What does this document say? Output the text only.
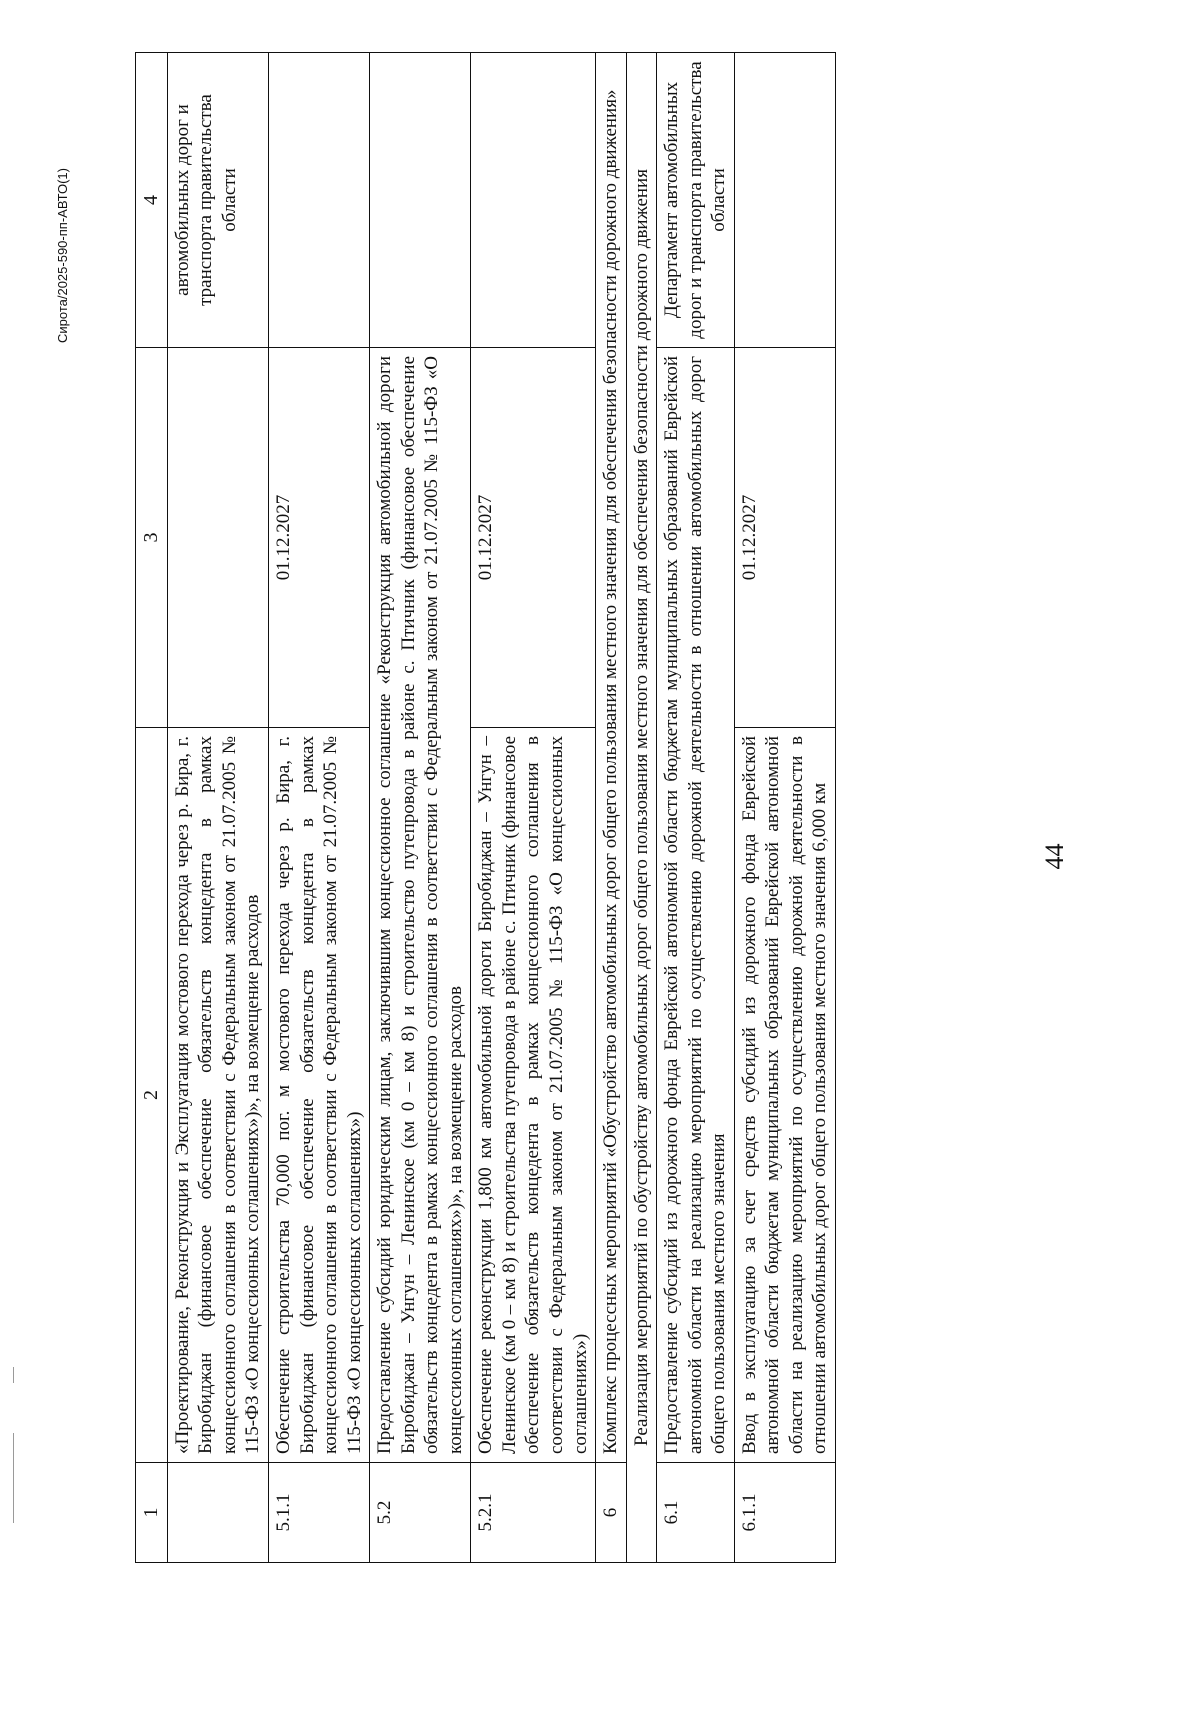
44
1	2	3	4
	«Проектирование, Реконструкция и Эксплуатация мостового перехода через р. Бира, г. Биробиджан (финансовое обеспечение обязательств концедента в рамках концессионного соглашения в соответствии с Федеральным законом от 21.07.2005 № 115-ФЗ «О концессионных соглашениях»)», на возмещение расходов		автомобильных дорог и транспорта правительства области
5.1.1	Обеспечение строительства 70,000 пог. м мостового перехода через р. Бира, г. Биробиджан (финансовое обеспечение обязательств концедента в рамках концессионного соглашения в соответствии с Федеральным законом от 21.07.2005 № 115-ФЗ «О концессионных соглашениях»)	01.12.2027	
5.2	Предоставление субсидий юридическим лицам, заключившим концессионное соглашение «Реконструкция автомобильной дороги Биробиджан – Унгун – Ленинское (км 0 – км 8) и строительство путепровода в районе с. Птичник (финансовое обеспечение обязательств концедента в рамках концессионного соглашения в соответствии с Федеральным законом от 21.07.2005 № 115-ФЗ «О концессионных соглашениях»)», на возмещение расходов		
5.2.1	Обеспечение реконструкции 1,800 км автомобильной дороги Биробиджан – Унгун – Ленинское (км 0 – км 8) и строительства путепровода в районе с. Птичник (финансовое обеспечение обязательств концедента в рамках концессионного соглашения в соответствии с Федеральным законом от 21.07.2005 № 115-ФЗ «О концессионных соглашениях»)	01.12.2027	
6	Комплекс процессных мероприятий «Обустройство автомобильных дорог общего пользования местного значения для обеспечения безопасности дорожного движения»		
Реализация мероприятий по обустройству автомобильных дорог общего пользования местного значения для обеспечения безопасности дорожного движения			
6.1	Предоставление субсидий из дорожного фонда Еврейской автономной области бюджетам муниципальных образований Еврейской автономной области на реализацию мероприятий по осуществлению дорожной деятельности в отношении автомобильных дорог общего пользования местного значения		Департамент автомобильных дорог и транспорта правительства области
6.1.1	Ввод в эксплуатацию за счет средств субсидий из дорожного фонда Еврейской автономной области бюджетам муниципальных образований Еврейской автономной области на реализацию мероприятий по осуществлению дорожной деятельности в отношении автомобильных дорог общего пользования местного значения 6,000 км	01.12.2027	
Сирота/2025-590-пп-АВТО(1)
